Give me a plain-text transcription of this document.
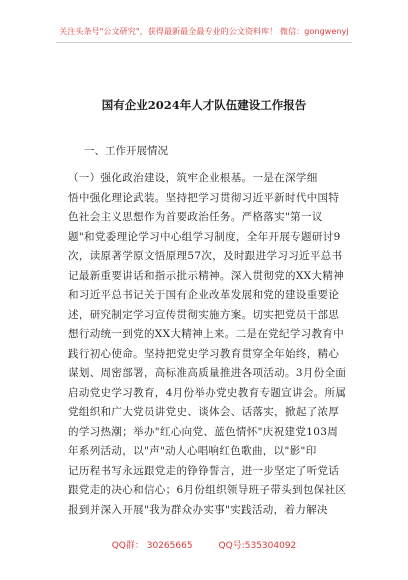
关注头条号"公文研究"，获得最新最全最专业的公文资料库！ 微信：gongwenyj
国有企业2024年人才队伍建设工作报告
一、工作开展情况
（一）强化政治建设，筑牢企业根基。一是在深学细
悟中强化理论武装。坚持把学习贯彻习近平新时代中国特
色社会主义思想作为首要政治任务。严格落实"第一议
题"和党委理论学习中心组学习制度，全年开展专题研讨9
次，读原著学原文悟原理57次，及时跟进学习习近平总书
记最新重要讲话和指示批示精神。深入贯彻党的XX大精神
和习近平总书记关于国有企业改革发展和党的建设重要论
述，研究制定学习宣传贯彻实施方案。切实把党员干部思
想行动统一到党的XX大精神上来。二是在党纪学习教育中
践行初心使命。坚持把党史学习教育贯穿全年始终，精心
谋划、周密部署，高标准高质量推进各项活动。3月份全面
启动党史学习教育，4月份举办党史教育专题宣讲会。所属
党组织和广大党员讲党史、谈体会、话落实，掀起了浓厚
的学习热潮；举办"红心向党、蓝色情怀"庆祝建党103周
年系列活动，以"声"动人心唱响红色歌曲，以"影"印
记历程书写永远跟党走的铮铮誓言，进一步坚定了听党话
跟党走的决心和信心；6月份组织领导班子带头到包保社区
报到并深入开展"我为群众办实事"实践活动，着力解决
QQ群： 30265665	QQ号:535304092
